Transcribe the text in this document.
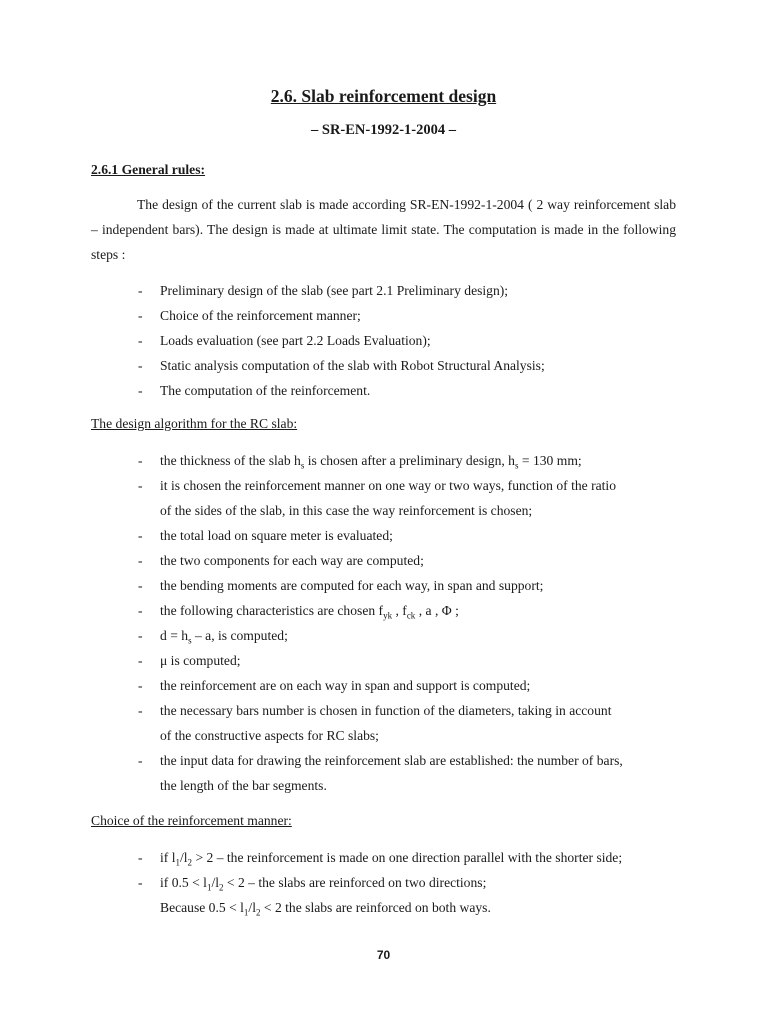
2.6. Slab reinforcement design
– SR-EN-1992-1-2004 –
2.6.1 General rules:
The design of the current slab is made according SR-EN-1992-1-2004 ( 2 way reinforcement slab – independent bars). The design is made at ultimate limit state. The computation is made in the following steps :
- Preliminary design of the slab (see part 2.1 Preliminary design);
- Choice of the reinforcement manner;
- Loads evaluation (see part 2.2 Loads Evaluation);
- Static analysis computation of the slab with Robot Structural Analysis;
- The computation of the reinforcement.
The design algorithm for the RC slab:
- the thickness of the slab $h_s$ is chosen after a preliminary design, $h_s = 130$ mm;
- it is chosen the reinforcement manner on one way or two ways, function of the ratio
of the sides of the slab, in this case the way reinforcement is chosen;
- the total load on square meter is evaluated;
- the two components for each way are computed;
- the bending moments are computed for each way, in span and support;
- the following characteristics are chosen $f_{yk}$ , $f_{ck}$ , a , Φ ;
- $d = h_s - a$, is computed;
- μ is computed;
- the reinforcement are on each way in span and support is computed;
- the necessary bars number is chosen in function of the diameters, taking in account
of the constructive aspects for RC slabs;
- the input data for drawing the reinforcement slab are established: the number of bars,
the length of the bar segments.
Choice of the reinforcement manner:
- if $l_1/l_2 > 2$ – the reinforcement is made on one direction parallel with the shorter side;
- if $0.5 < l_1/l_2 < 2$ – the slabs are reinforced on two directions;
Because $0.5 < l_1/l_2 < 2$ the slabs are reinforced on both ways.
70
